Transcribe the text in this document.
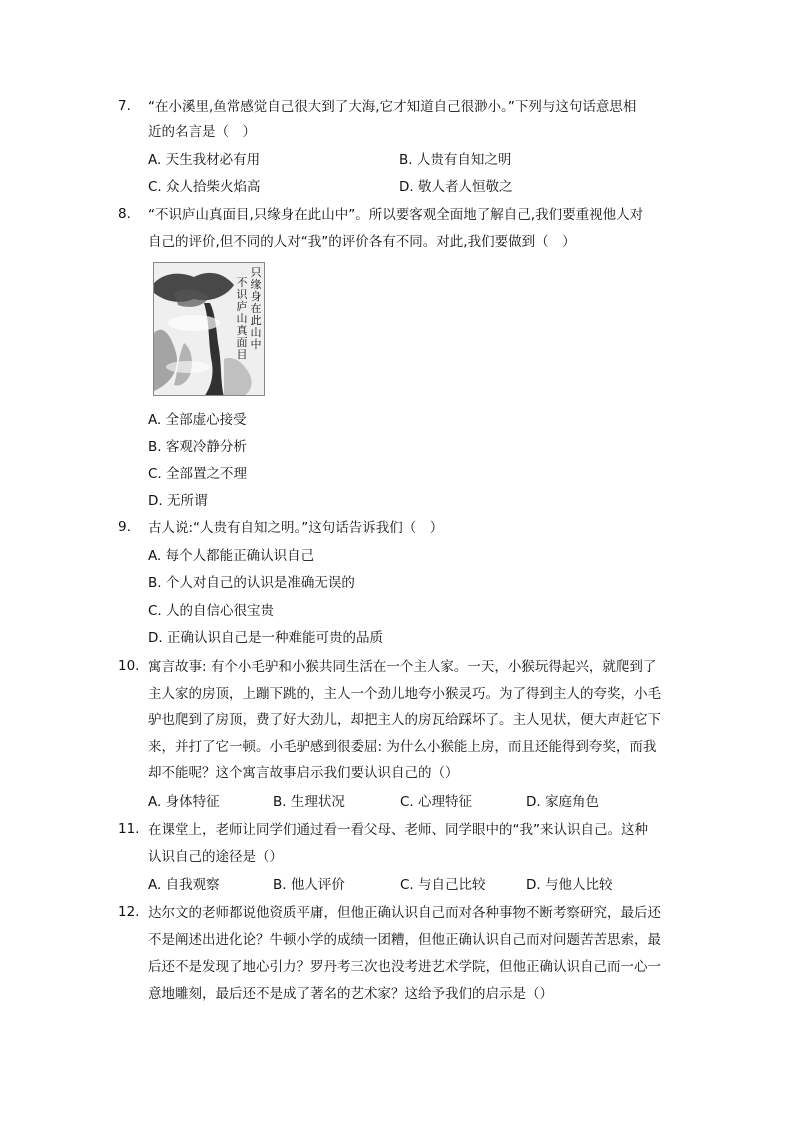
7.	“在小溪里,鱼常感觉自己很大到了大海,它才知道自己很渺小。”下列与这句话意思相
近的名言是（　）
A. 天生我材必有用	B. 人贵有自知之明
C. 众人拾柴火焰高	D. 敬人者人恒敬之
8.	“不识庐山真面目,只缘身在此山中”。所以要客观全面地了解自己,我们要重视他人对
自己的评价,但不同的人对“我”的评价各有不同。对此,我们要做到（　）
只缘身在此山中
不识庐山真面目
A. 全部虚心接受
B. 客观冷静分析
C. 全部置之不理
D. 无所谓
9.	古人说:“人贵有自知之明。”这句话告诉我们（　）
A. 每个人都能正确认识自己
B. 个人对自己的认识是准确无误的
C. 人的自信心很宝贵
D. 正确认识自己是一种难能可贵的品质
10. 寓言故事: 有个小毛驴和小猴共同生活在一个主人家。一天，小猴玩得起兴，就爬到了
主人家的房顶，上蹦下跳的，主人一个劲儿地夸小猴灵巧。为了得到主人的夸奖，小毛
驴也爬到了房顶，费了好大劲儿，却把主人的房瓦给踩坏了。主人见状，便大声赶它下
来，并打了它一顿。小毛驴感到很委屈: 为什么小猴能上房，而且还能得到夸奖，而我
却不能呢？这个寓言故事启示我们要认识自己的（）
A. 身体特征	B. 生理状况	C. 心理特征	D. 家庭角色
11. 在课堂上，老师让同学们通过看一看父母、老师、同学眼中的“我”来认识自己。这种
认识自己的途径是（）
A. 自我观察	B. 他人评价	C. 与自己比较	D. 与他人比较
12. 达尔文的老师都说他资质平庸，但他正确认识自己而对各种事物不断考察研究，最后还
不是阐述出进化论？牛顿小学的成绩一团糟，但他正确认识自己而对问题苦苦思索，最
后还不是发现了地心引力？罗丹考三次也没考进艺术学院，但他正确认识自己而一心一
意地雕刻，最后还不是成了著名的艺术家？这给予我们的启示是（）
